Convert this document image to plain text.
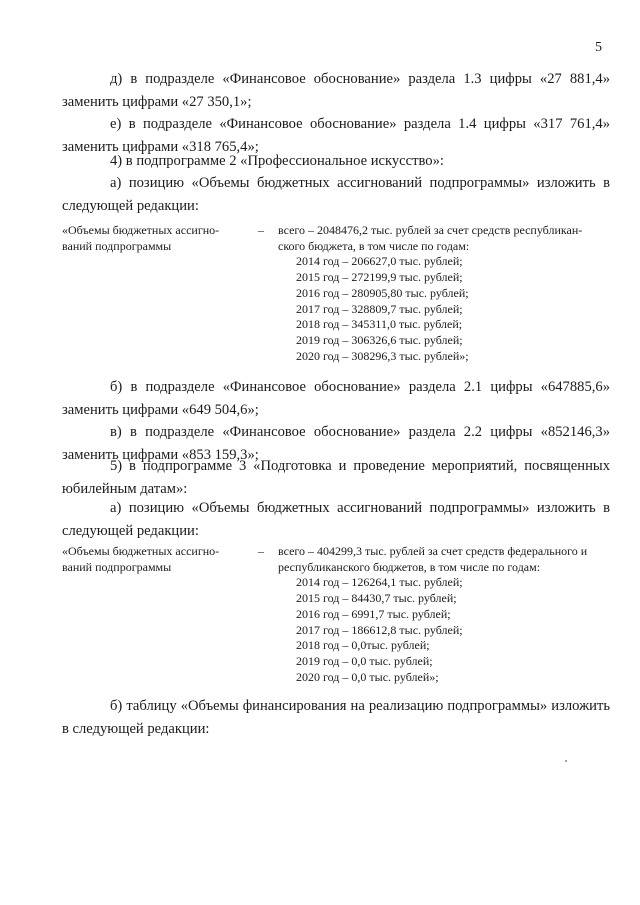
5

д) в подразделе «Финансовое обоснование» раздела 1.3 цифры «27 881,4» заменить цифрами «27 350,1»;

е) в подразделе «Финансовое обоснование» раздела 1.4 цифры «317 761,4» заменить цифрами «318 765,4»;

4) в подпрограмме 2 «Профессиональное искусство»:

а) позицию «Объемы бюджетных ассигнований подпрограммы» изложить в следующей редакции:

«Объемы бюджетных ассигно-
ваний подпрограммы
– всего – 2048476,2 тыс. рублей за счет средств республикан-
ского бюджета, в том числе по годам:
2014 год – 206627,0 тыс. рублей;
2015 год – 272199,9 тыс. рублей;
2016 год – 280905,80 тыс. рублей;
2017 год – 328809,7 тыс. рублей;
2018 год – 345311,0 тыс. рублей;
2019 год – 306326,6 тыс. рублей;
2020 год – 308296,3 тыс. рублей»;

б) в подразделе «Финансовое обоснование» раздела 2.1 цифры «647885,6» заменить цифрами «649 504,6»;

в) в подразделе «Финансовое обоснование» раздела 2.2 цифры «852146,3» заменить цифрами «853 159,3»;

5) в подпрограмме 3 «Подготовка и проведение мероприятий, посвященных юбилейным датам»:

а) позицию «Объемы бюджетных ассигнований подпрограммы» изложить в следующей редакции:

«Объемы бюджетных ассигно-
ваний подпрограммы
– всего – 404299,3 тыс. рублей за счет средств федерального и
республиканского бюджетов, в том числе по годам:
2014 год – 126264,1 тыс. рублей;
2015 год – 84430,7 тыс. рублей;
2016 год – 6991,7 тыс. рублей;
2017 год – 186612,8 тыс. рублей;
2018 год – 0,0тыс. рублей;
2019 год – 0,0 тыс. рублей;
2020 год – 0,0 тыс. рублей»;

б) таблицу «Объемы финансирования на реализацию подпрограммы» изложить в следующей редакции:
